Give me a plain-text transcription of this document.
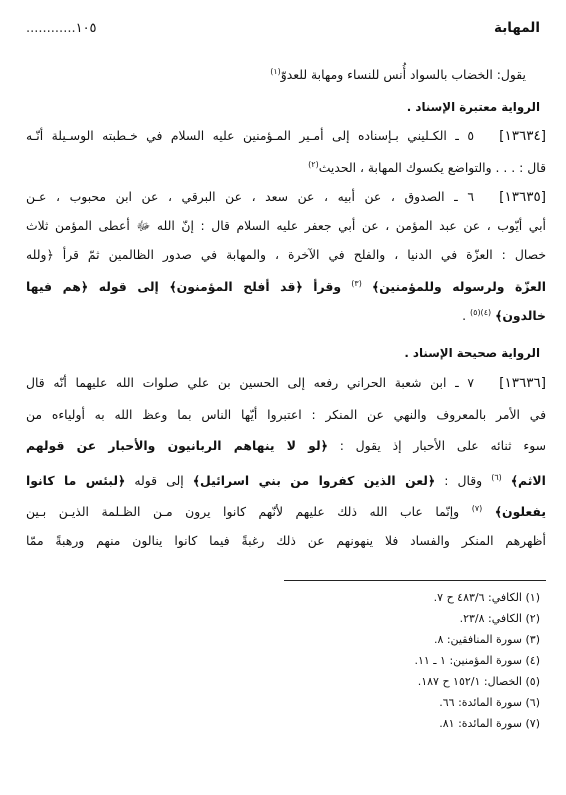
المهابة
............١٠٥
يقول: الخضاب بالسواد أُنس للنساء ومهابة للعدوّ$^{(١)}$
الرواية معتبرة الإسناد .
[١٣٦٣٤]
٥ ـ الكـليني بـإسناده إلى أمـير المـؤمنين عليه السلام في خـطبته الوسـيلة أنّـه
قال : . . . والتواضع يكسوك المهابة ، الحديث$^{(٢)}$
[١٣٦٣٥]
٦ ـ الصدوق ، عن أبيه ، عن سعد ، عن البرقي ، عن ابن محبوب ، عـن
أبي أيّوب ، عن عبد المؤمن ، عن أبي جعفر عليه السلام قال : إنّ الله ﷻ أعطى المؤمن ثلاث
خصال : العزّة في الدنيا ، والفلح في الآخرة ، والمهابة في صدور الظالمين ثمّ قرأ ﴿ولله
العزّة ولرسوله وللمؤمنين﴾ $^{(٣)}$ وقرأ ﴿قد أفلح المؤمنون﴾ إلى قوله ﴿هم فيها
خالدون﴾ $^{(٤)(٥)}$ .
الرواية صحيحة الإسناد .
[١٣٦٣٦]
٧ ـ ابن شعبة الحراني رفعه إلى الحسين بن علي صلوات الله عليهما أنّه قال
في الأمر بالمعروف والنهي عن المنكر : اعتبروا أيّها الناس بما وعظ الله به أولياءه من
سوء ثنائه على الأحبار إذ يقول : ﴿لو لا ينهاهم الربانيون والأحبار عن قولهم
الاثم﴾ $^{(٦)}$ وقال : ﴿لعن الذين كفروا من بني اسرائيل﴾ إلى قوله ﴿لبئس ما كانوا
يفعلون﴾ $^{(٧)}$ وإنّما عاب الله ذلك عليهم لأنّهم كانوا يرون مـن الظـلمة الذيـن بـين
أظهرهم المنكر والفساد فلا ينهونهم عن ذلك رغبةً فيما كانوا ينالون منهم ورهبةً ممّا
(١) الكافي: ٤٨٣/٦ ح ٧.
(٢) الكافي: ٢٣/٨.
(٣) سورة المنافقين: ٨.
(٤) سورة المؤمنين: ١ ـ ١١.
(٥) الخصال: ١٥٢/١ ح ١٨٧.
(٦) سورة المائدة: ٦٦.
(٧) سورة المائدة: ٨١.
